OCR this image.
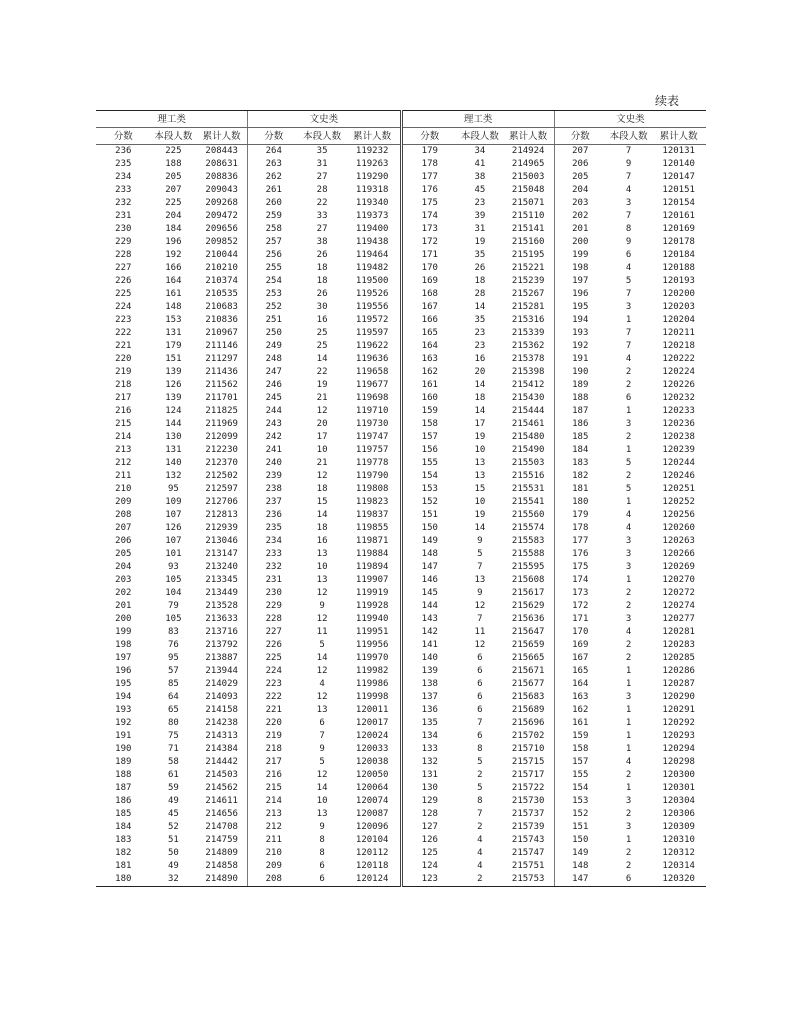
续表
理工类			文史类		
分数	本段人数	累计人数	分数	本段人数	累计人数
236	225	208443	264	35	119232
235	188	208631	263	31	119263
234	205	208836	262	27	119290
233	207	209043	261	28	119318
232	225	209268	260	22	119340
231	204	209472	259	33	119373
230	184	209656	258	27	119400
229	196	209852	257	38	119438
228	192	210044	256	26	119464
227	166	210210	255	18	119482
226	164	210374	254	18	119500
225	161	210535	253	26	119526
224	148	210683	252	30	119556
223	153	210836	251	16	119572
222	131	210967	250	25	119597
221	179	211146	249	25	119622
220	151	211297	248	14	119636
219	139	211436	247	22	119658
218	126	211562	246	19	119677
217	139	211701	245	21	119698
216	124	211825	244	12	119710
215	144	211969	243	20	119730
214	130	212099	242	17	119747
213	131	212230	241	10	119757
212	140	212370	240	21	119778
211	132	212502	239	12	119790
210	95	212597	238	18	119808
209	109	212706	237	15	119823
208	107	212813	236	14	119837
207	126	212939	235	18	119855
206	107	213046	234	16	119871
205	101	213147	233	13	119884
204	93	213240	232	10	119894
203	105	213345	231	13	119907
202	104	213449	230	12	119919
201	79	213528	229	9	119928
200	105	213633	228	12	119940
199	83	213716	227	11	119951
198	76	213792	226	5	119956
197	95	213887	225	14	119970
196	57	213944	224	12	119982
195	85	214029	223	4	119986
194	64	214093	222	12	119998
193	65	214158	221	13	120011
192	80	214238	220	6	120017
191	75	214313	219	7	120024
190	71	214384	218	9	120033
189	58	214442	217	5	120038
188	61	214503	216	12	120050
187	59	214562	215	14	120064
186	49	214611	214	10	120074
185	45	214656	213	13	120087
184	52	214708	212	9	120096
183	51	214759	211	8	120104
182	50	214809	210	8	120112
181	49	214858	209	6	120118
180	32	214890	208	6	120124
理工类			文史类		
分数	本段人数	累计人数	分数	本段人数	累计人数
179	34	214924	207	7	120131
178	41	214965	206	9	120140
177	38	215003	205	7	120147
176	45	215048	204	4	120151
175	23	215071	203	3	120154
174	39	215110	202	7	120161
173	31	215141	201	8	120169
172	19	215160	200	9	120178
171	35	215195	199	6	120184
170	26	215221	198	4	120188
169	18	215239	197	5	120193
168	28	215267	196	7	120200
167	14	215281	195	3	120203
166	35	215316	194	1	120204
165	23	215339	193	7	120211
164	23	215362	192	7	120218
163	16	215378	191	4	120222
162	20	215398	190	2	120224
161	14	215412	189	2	120226
160	18	215430	188	6	120232
159	14	215444	187	1	120233
158	17	215461	186	3	120236
157	19	215480	185	2	120238
156	10	215490	184	1	120239
155	13	215503	183	5	120244
154	13	215516	182	2	120246
153	15	215531	181	5	120251
152	10	215541	180	1	120252
151	19	215560	179	4	120256
150	14	215574	178	4	120260
149	9	215583	177	3	120263
148	5	215588	176	3	120266
147	7	215595	175	3	120269
146	13	215608	174	1	120270
145	9	215617	173	2	120272
144	12	215629	172	2	120274
143	7	215636	171	3	120277
142	11	215647	170	4	120281
141	12	215659	169	2	120283
140	6	215665	167	2	120285
139	6	215671	165	1	120286
138	6	215677	164	1	120287
137	6	215683	163	3	120290
136	6	215689	162	1	120291
135	7	215696	161	1	120292
134	6	215702	159	1	120293
133	8	215710	158	1	120294
132	5	215715	157	4	120298
131	2	215717	155	2	120300
130	5	215722	154	1	120301
129	8	215730	153	3	120304
128	7	215737	152	2	120306
127	2	215739	151	3	120309
126	4	215743	150	1	120310
125	4	215747	149	2	120312
124	4	215751	148	2	120314
123	2	215753	147	6	120320
